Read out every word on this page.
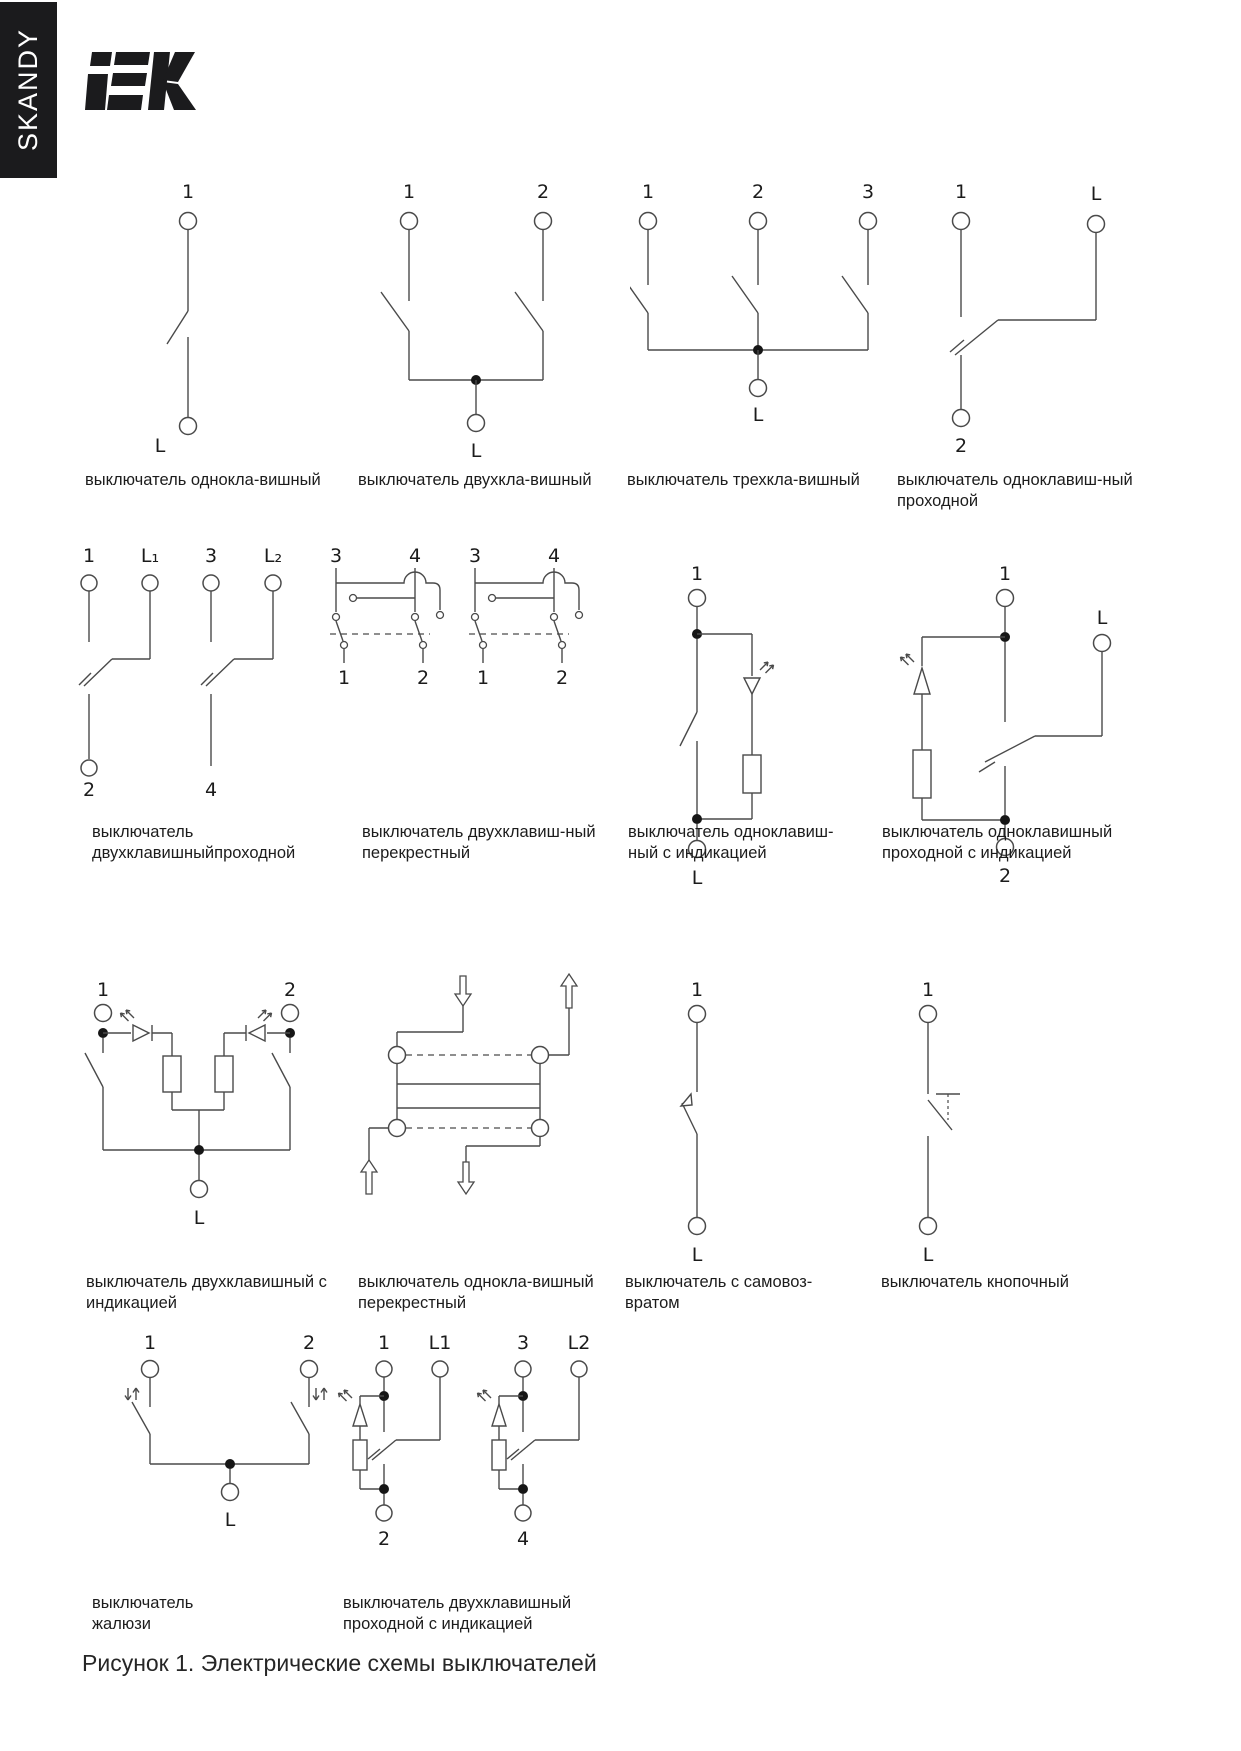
SKANDY
1
L
1	2
L
1	2	3
L
1	L
2
1 L₁ 3 L₂
2	4
3	4
1	2
3	4
1	2
1
L
1
L
2
1	2
L
1
L
1
L
1	2
L
1 L1
2
3 L2
4
выключатель однокла-вишный выключатель двухкла-вишный выключатель трехкла-вишный выключатель одноклавиш-ный
проходной
выключатель
двухклавишныйпроходной
выключатель двухклавиш-ный
перекрестный
выключатель одноклавиш-
ный с индикацией
выключатель одноклавишный
проходной с индикацией
выключатель двухклавишный с
индикацией
выключатель однокла-вишный
перекрестный
выключатель с самовоз-
вратом
выключатель кнопочный
выключатель
жалюзи
выключатель двухклавишный
проходной с индикацией
Рисунок 1. Электрические схемы выключателей
